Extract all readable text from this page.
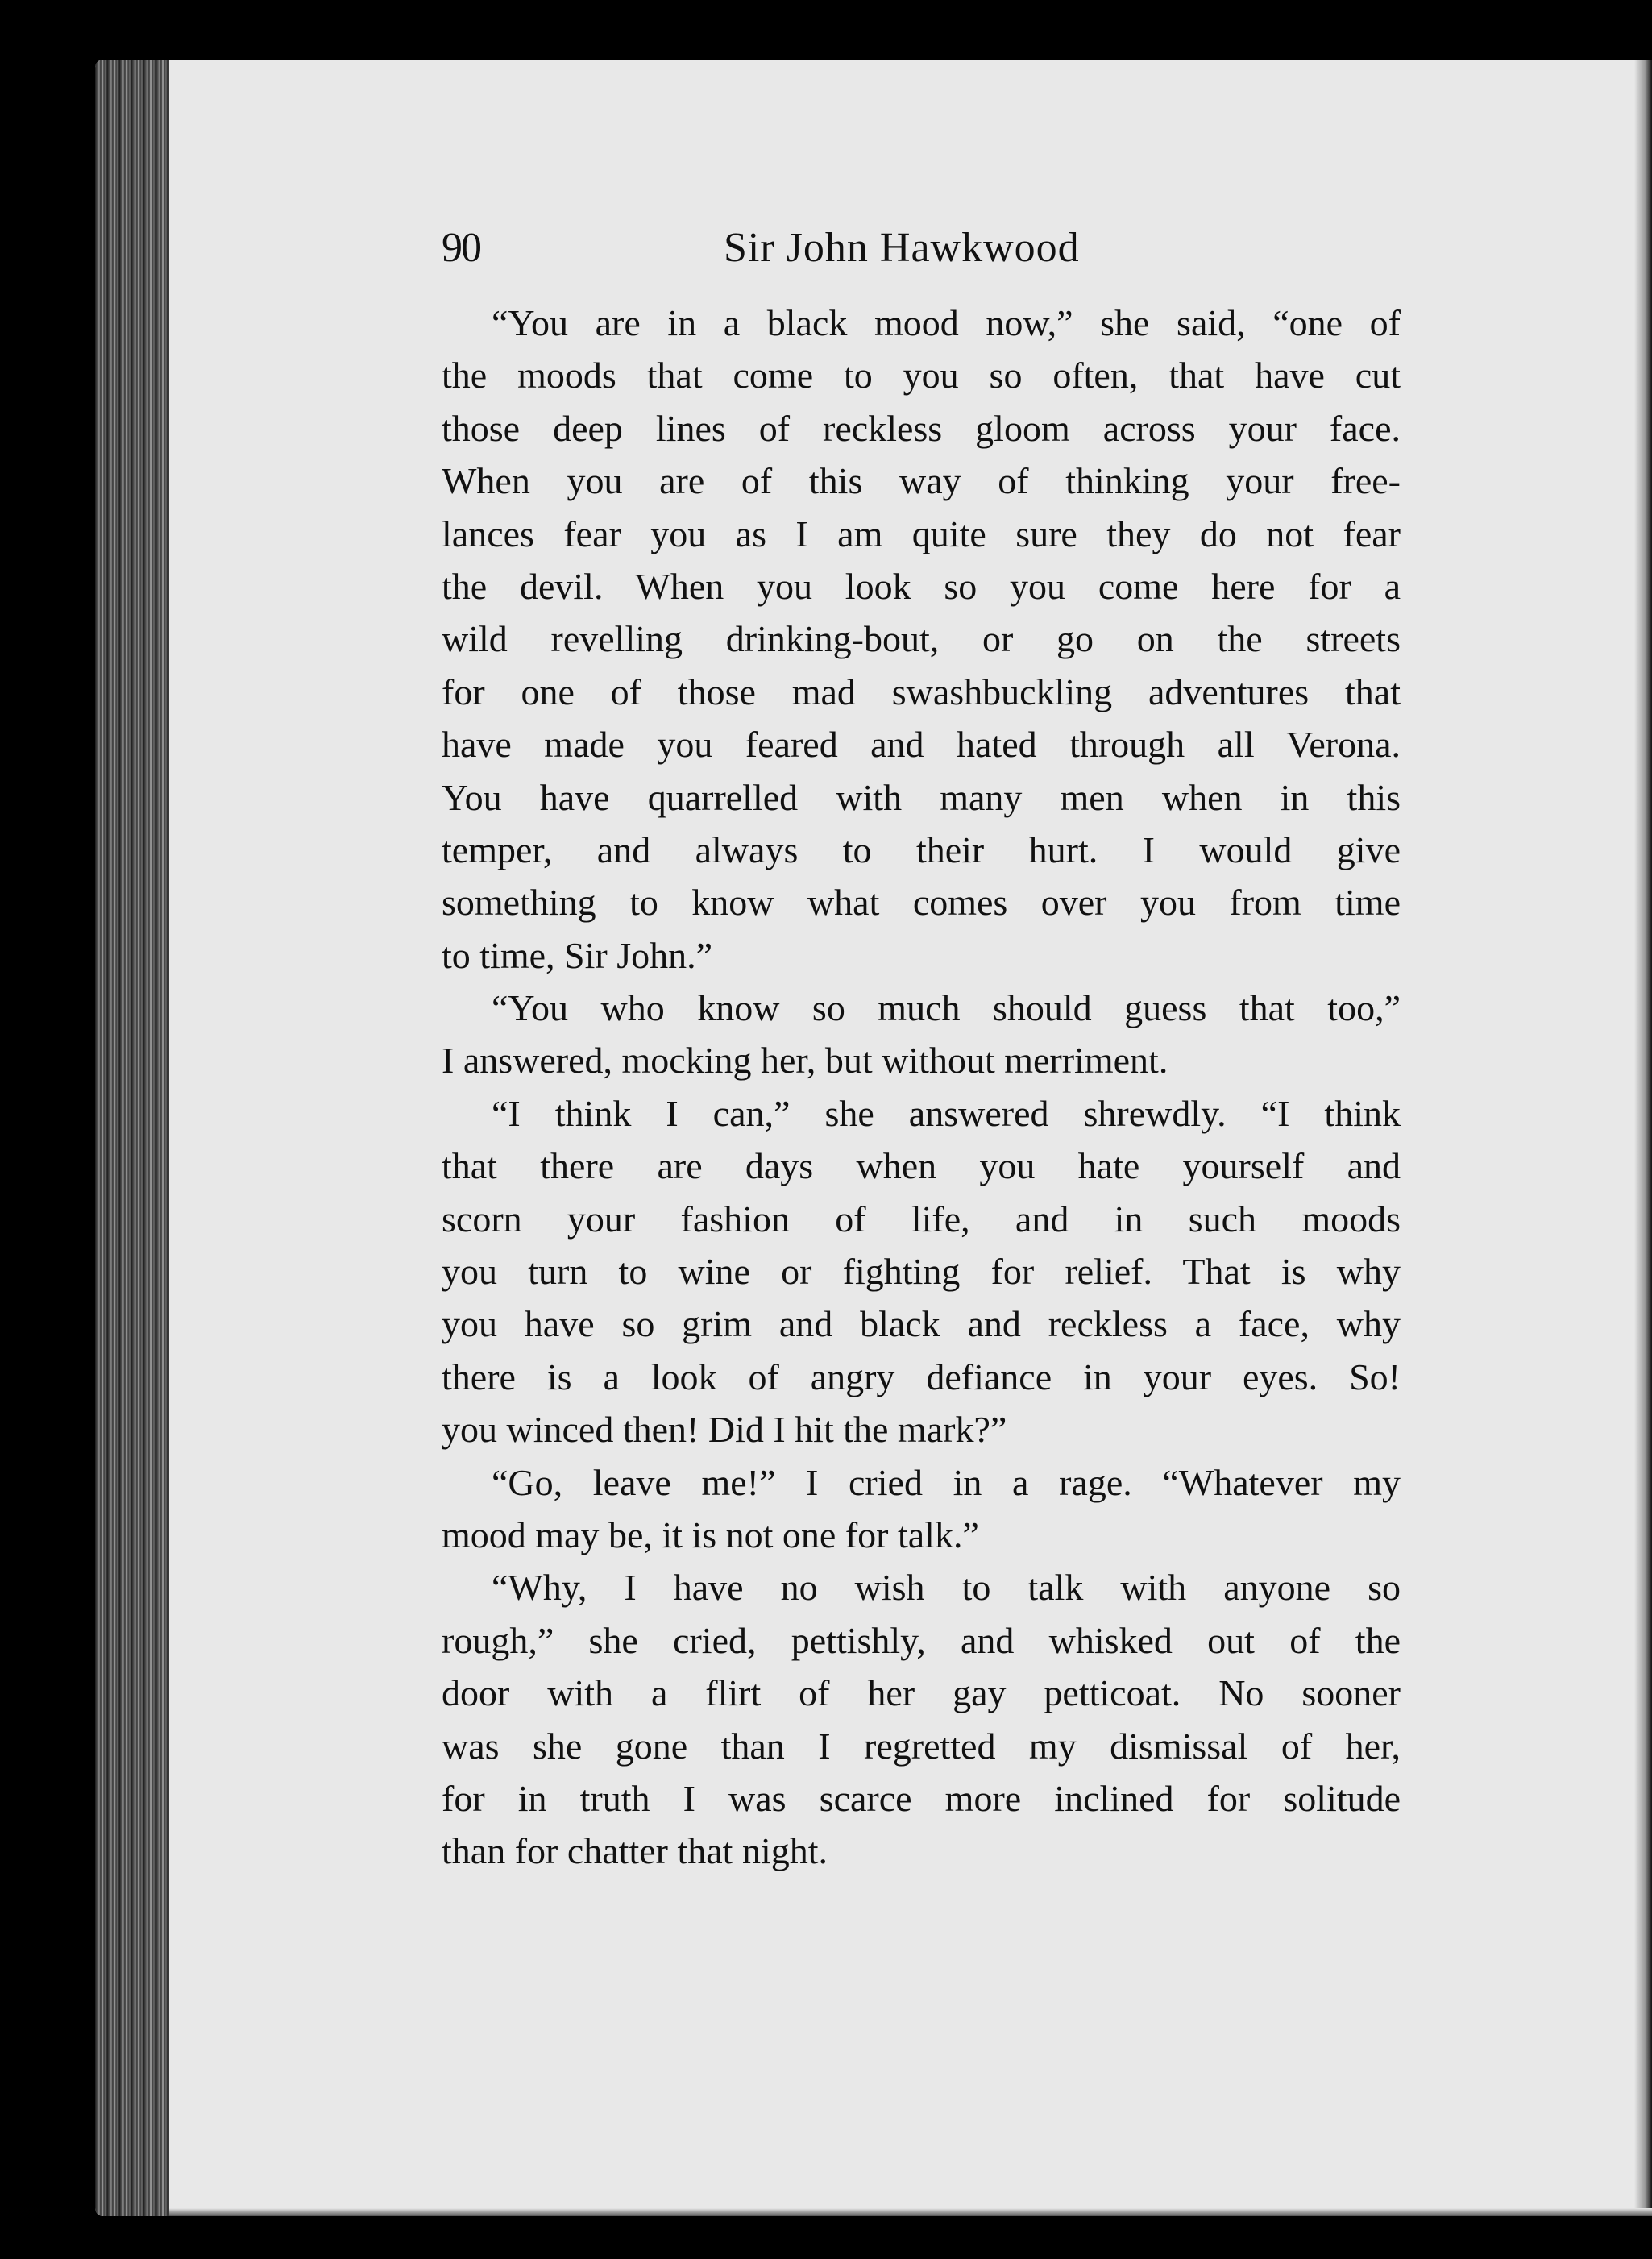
90	Sir John Hawkwood
“You are in a black mood now,” she said, “one of
the moods that come to you so often, that have cut
those deep lines of reckless gloom across your face.
When you are of this way of thinking your free-
lances fear you as I am quite sure they do not fear
the devil. When you look so you come here for a
wild revelling drinking-bout, or go on the streets
for one of those mad swashbuckling adventures that
have made you feared and hated through all Verona.
You have quarrelled with many men when in this
temper, and always to their hurt. I would give
something to know what comes over you from time
to time, Sir John.”
“You who know so much should guess that too,”
I answered, mocking her, but without merriment.
“I think I can,” she answered shrewdly. “I think
that there are days when you hate yourself and
scorn your fashion of life, and in such moods
you turn to wine or fighting for relief. That is why
you have so grim and black and reckless a face, why
there is a look of angry defiance in your eyes. So!
you winced then! Did I hit the mark?”
“Go, leave me!” I cried in a rage. “Whatever my
mood may be, it is not one for talk.”
“Why, I have no wish to talk with anyone so
rough,” she cried, pettishly, and whisked out of the
door with a flirt of her gay petticoat. No sooner
was she gone than I regretted my dismissal of her,
for in truth I was scarce more inclined for solitude
than for chatter that night.
